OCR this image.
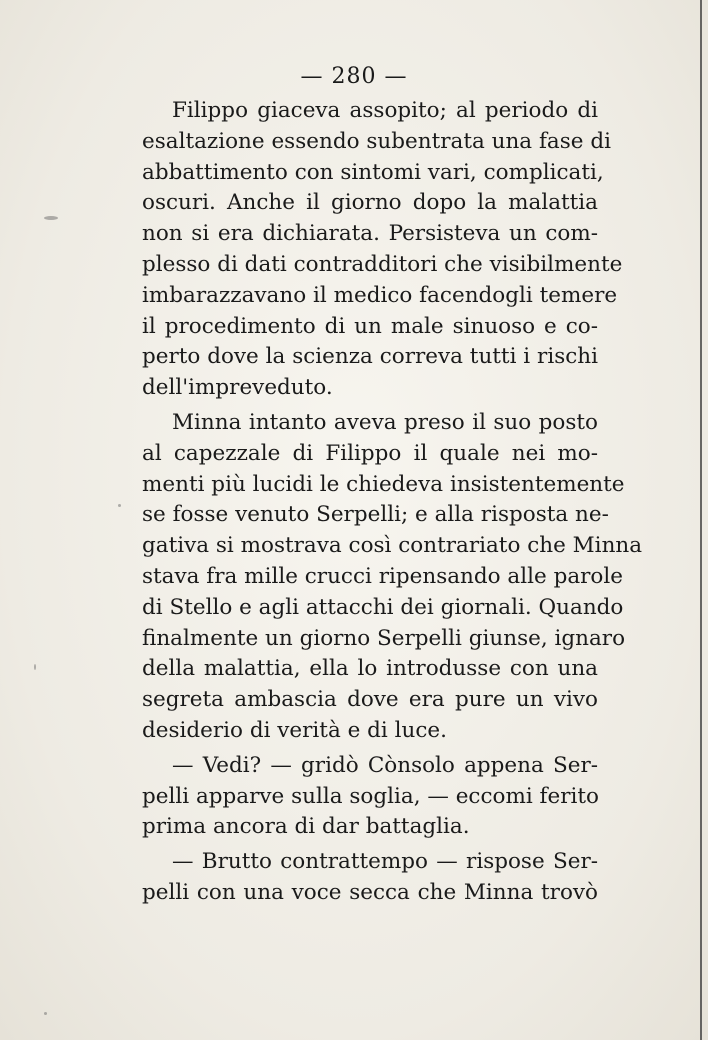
— 280 —
Filippo giaceva assopito; al periodo di
esaltazione essendo subentrata una fase di
abbattimento con sintomi vari, complicati,
oscuri. Anche il giorno dopo la malattia
non si era dichiarata. Persisteva un com-
plesso di dati contradditori che visibilmente
imbarazzavano il medico facendogli temere
il procedimento di un male sinuoso e co-
perto dove la scienza correva tutti i rischi
dell'impreveduto.
Minna intanto aveva preso il suo posto
al capezzale di Filippo il quale nei mo-
menti più lucidi le chiedeva insistentemente
se fosse venuto Serpelli; e alla risposta ne-
gativa si mostrava così contrariato che Minna
stava fra mille crucci ripensando alle parole
di Stello e agli attacchi dei giornali. Quando
finalmente un giorno Serpelli giunse, ignaro
della malattia, ella lo introdusse con una
segreta ambascia dove era pure un vivo
desiderio di verità e di luce.
— Vedi? — gridò Cònsolo appena Ser-
pelli apparve sulla soglia, — eccomi ferito
prima ancora di dar battaglia.
— Brutto contrattempo — rispose Ser-
pelli con una voce secca che Minna trovò
